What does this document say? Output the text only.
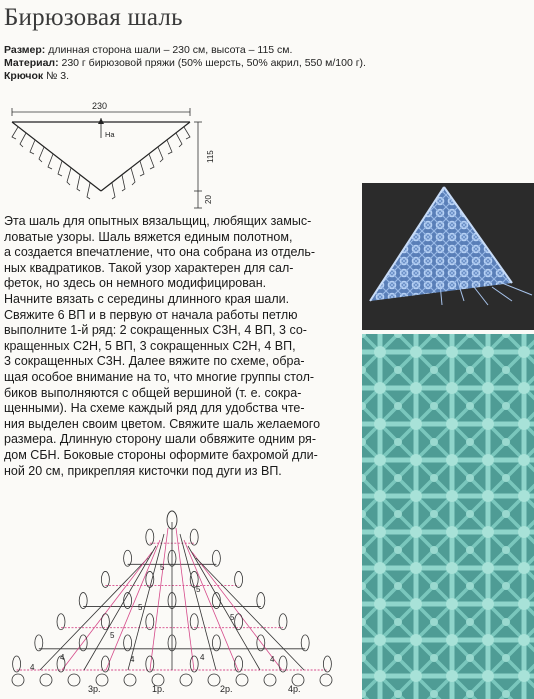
Бирюзовая шаль
Размер: длинная сторона шали – 230 см, высота – 115 см.
Материал: 230 г бирюзовой пряжи (50% шерсть, 50% акрил, 550 м/100 г).
Крючок № 3.
230
На
115
20

Эта шаль для опытных вязальщиц, любящих замыс-

ловатые узоры. Шаль вяжется единым полотном,

а создается впечатление, что она собрана из отдель-

ных квадратиков. Такой узор характерен для сал-

феток, но здесь он немного модифицирован.

Начните вязать с середины длинного края шали.

Свяжите 6 ВП и в первую от начала работы петлю

выполните 1-й ряд: 2 сокращенных С3Н, 4 ВП, 3 со-

кращенных С2Н, 5 ВП, 3 сокращенных С2Н, 4 ВП,

3 сокращенных С3Н. Далее вяжите по схеме, обра-

щая особое внимание на то, что многие группы стол-

биков выполняются с общей вершиной (т. е. сокра-

щенными). На схеме каждый ряд для удобства чте-

ния выделен своим цветом. Свяжите шаль желаемого

размера. Длинную сторону шали обвяжите одним ря-

дом СБН. Боковые стороны оформите бахромой дли-

ной 20 см, прикрепляя кисточки под дуги из ВП.

5
5
5
5
5
4	4	4	4
4
3р.	1р.	2р.	4р.
